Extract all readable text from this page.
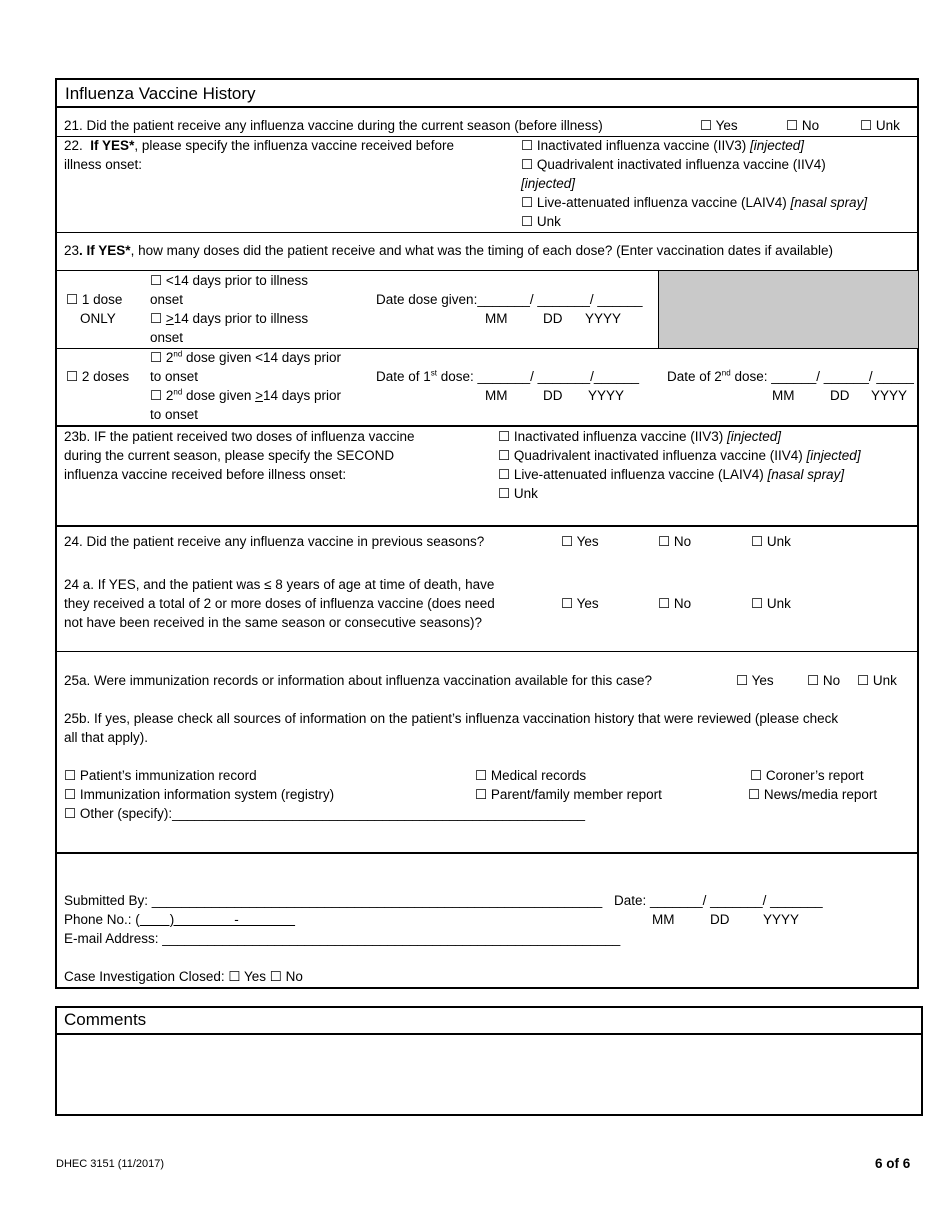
Influenza Vaccine History
21. Did the patient receive any influenza vaccine during the current season (before illness)	☐ Yes	☐ No	☐ Unk
22. If YES*, please specify the influenza vaccine received before
illness onset:
☐ Inactivated influenza vaccine (IIV3) [injected]
☐ Quadrivalent inactivated influenza vaccine (IIV4)
[injected]
☐ Live-attenuated influenza vaccine (LAIV4) [nasal spray]
☐ Unk
23. If YES*, how many doses did the patient receive and what was the timing of each dose? (Enter vaccination dates if available)
☐ 1 dose
ONLY
☐ <14 days prior to illness
onset
☐ ≥14 days prior to illness
onset
Date dose given:_______/ _______/ ______
MM	DD YYYY
☐ 2 doses
☐ 2nd dose given <14 days prior
to onset
☐ 2nd dose given ≥14 days prior
to onset
Date of 1st dose: _______/ _______/______
MM	DD YYYY
Date of 2nd dose: ______/ ______/ _____
MM	DD YYYY
23b. IF the patient received two doses of influenza vaccine
during the current season, please specify the SECOND
influenza vaccine received before illness onset:
☐ Inactivated influenza vaccine (IIV3) [injected]
☐ Quadrivalent inactivated influenza vaccine (IIV4) [injected]
☐ Live-attenuated influenza vaccine (LAIV4) [nasal spray]
☐ Unk
24. Did the patient receive any influenza vaccine in previous seasons?	☐ Yes	☐ No	☐ Unk
24 a. If YES, and the patient was ≤ 8 years of age at time of death, have
they received a total of 2 or more doses of influenza vaccine (does need
not have been received in the same season or consecutive seasons)?
☐ Yes	☐ No	☐ Unk
25a. Were immunization records or information about influenza vaccination available for this case?	☐ Yes ☐ No ☐ Unk
25b. If yes, please check all sources of information on the patient’s influenza vaccination history that were reviewed (please check
all that apply).
☐ Patient’s immunization record	☐ Medical records	☐ Coroner’s report
☐ Immunization information system (registry)	☐ Parent/family member report	☐ News/media report
☐ Other (specify):_______________________________________________________
Submitted By: ____________________________________________________________ Date: _______/ _______/ _______
MM	DD YYYY
Phone No.: (        )                -
E-mail Address: _____________________________________________________________
Case Investigation Closed: ☐ Yes ☐ No
Comments
DHEC 3151 (11/2017)	6 of 6
